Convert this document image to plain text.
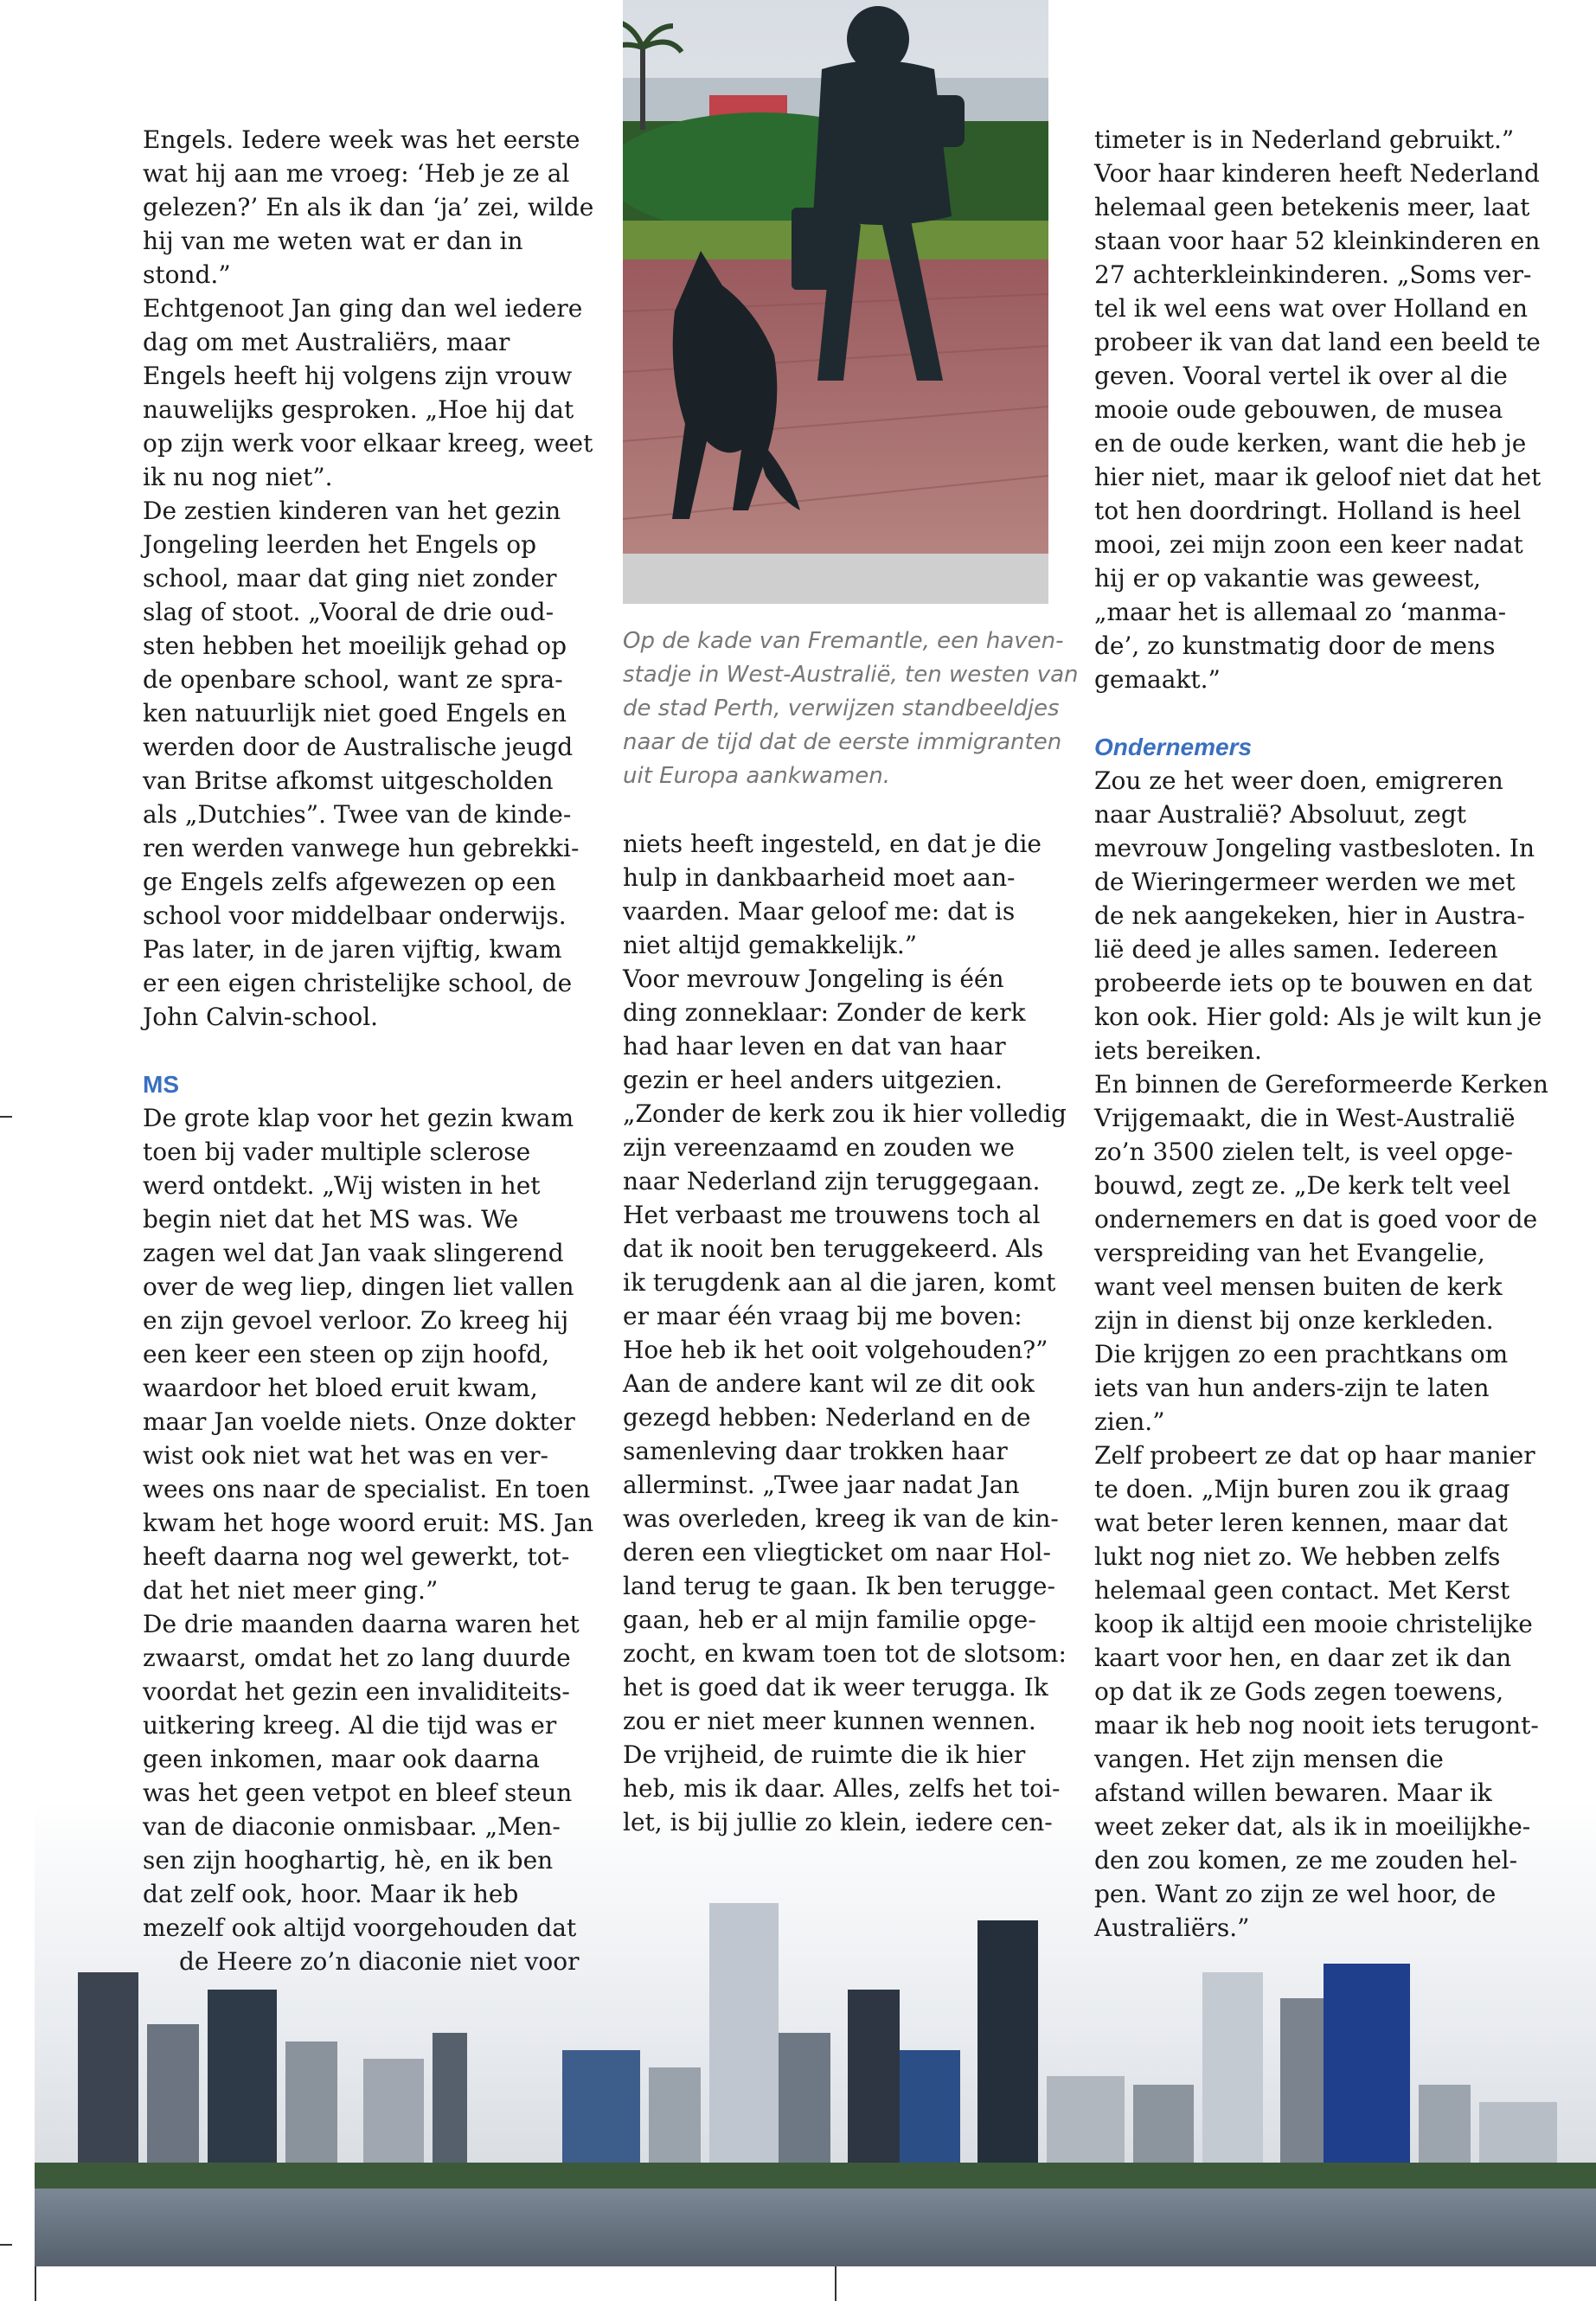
Op de kade van Fremantle, een haven-
stadje in West-Australië, ten westen van
de stad Perth, verwijzen standbeeldjes
naar de tijd dat de eerste immigranten
uit Europa aankwamen.
Engels. Iedere week was het eerste
wat hij aan me vroeg: ‘Heb je ze al
gelezen?’ En als ik dan ‘ja’ zei, wilde
hij van me weten wat er dan in
stond.”
Echtgenoot Jan ging dan wel iedere
dag om met Australiërs, maar
Engels heeft hij volgens zijn vrouw
nauwelijks gesproken. „Hoe hij dat
op zijn werk voor elkaar kreeg, weet
ik nu nog niet”.
De zestien kinderen van het gezin
Jongeling leerden het Engels op
school, maar dat ging niet zonder
slag of stoot. „Vooral de drie oud-
sten hebben het moeilijk gehad op
de openbare school, want ze spra-
ken natuurlijk niet goed Engels en
werden door de Australische jeugd
van Britse afkomst uitgescholden
als „Dutchies”. Twee van de kinde-
ren werden vanwege hun gebrekki-
ge Engels zelfs afgewezen op een
school voor middelbaar onderwijs.
Pas later, in de jaren vijftig, kwam
er een eigen christelijke school, de
John Calvin-school.
MS
De grote klap voor het gezin kwam
toen bij vader multiple sclerose
werd ontdekt. „Wij wisten in het
begin niet dat het MS was. We
zagen wel dat Jan vaak slingerend
over de weg liep, dingen liet vallen
en zijn gevoel verloor. Zo kreeg hij
een keer een steen op zijn hoofd,
waardoor het bloed eruit kwam,
maar Jan voelde niets. Onze dokter
wist ook niet wat het was en ver-
wees ons naar de specialist. En toen
kwam het hoge woord eruit: MS. Jan
heeft daarna nog wel gewerkt, tot-
dat het niet meer ging.”
De drie maanden daarna waren het
zwaarst, omdat het zo lang duurde
voordat het gezin een invaliditeits-
uitkering kreeg. Al die tijd was er
geen inkomen, maar ook daarna
was het geen vetpot en bleef steun
van de diaconie onmisbaar. „Men-
sen zijn hooghartig, hè, en ik ben
dat zelf ook, hoor. Maar ik heb
mezelf ook altijd voorgehouden dat
de Heere zo’n diaconie niet voor
niets heeft ingesteld, en dat je die
hulp in dankbaarheid moet aan-
vaarden. Maar geloof me: dat is
niet altijd gemakkelijk.”
Voor mevrouw Jongeling is één
ding zonneklaar: Zonder de kerk
had haar leven en dat van haar
gezin er heel anders uitgezien.
„Zonder de kerk zou ik hier volledig
zijn vereenzaamd en zouden we
naar Nederland zijn teruggegaan.
Het verbaast me trouwens toch al
dat ik nooit ben teruggekeerd. Als
ik terugdenk aan al die jaren, komt
er maar één vraag bij me boven:
Hoe heb ik het ooit volgehouden?”
Aan de andere kant wil ze dit ook
gezegd hebben: Nederland en de
samenleving daar trokken haar
allerminst. „Twee jaar nadat Jan
was overleden, kreeg ik van de kin-
deren een vliegticket om naar Hol-
land terug te gaan. Ik ben terugge-
gaan, heb er al mijn familie opge-
zocht, en kwam toen tot de slotsom:
het is goed dat ik weer terugga. Ik
zou er niet meer kunnen wennen.
De vrijheid, de ruimte die ik hier
heb, mis ik daar. Alles, zelfs het toi-
let, is bij jullie zo klein, iedere cen-
timeter is in Nederland gebruikt.”
Voor haar kinderen heeft Nederland
helemaal geen betekenis meer, laat
staan voor haar 52 kleinkinderen en
27 achterkleinkinderen. „Soms ver-
tel ik wel eens wat over Holland en
probeer ik van dat land een beeld te
geven. Vooral vertel ik over al die
mooie oude gebouwen, de musea
en de oude kerken, want die heb je
hier niet, maar ik geloof niet dat het
tot hen doordringt. Holland is heel
mooi, zei mijn zoon een keer nadat
hij er op vakantie was geweest,
„maar het is allemaal zo ‘manma-
de’, zo kunstmatig door de mens
gemaakt.”
Ondernemers
Zou ze het weer doen, emigreren
naar Australië? Absoluut, zegt
mevrouw Jongeling vastbesloten. In
de Wieringermeer werden we met
de nek aangekeken, hier in Austra-
lië deed je alles samen. Iedereen
probeerde iets op te bouwen en dat
kon ook. Hier gold: Als je wilt kun je
iets bereiken.
En binnen de Gereformeerde Kerken
Vrijgemaakt, die in West-Australië
zo’n 3500 zielen telt, is veel opge-
bouwd, zegt ze. „De kerk telt veel
ondernemers en dat is goed voor de
verspreiding van het Evangelie,
want veel mensen buiten de kerk
zijn in dienst bij onze kerkleden.
Die krijgen zo een prachtkans om
iets van hun anders-zijn te laten
zien.”
Zelf probeert ze dat op haar manier
te doen. „Mijn buren zou ik graag
wat beter leren kennen, maar dat
lukt nog niet zo. We hebben zelfs
helemaal geen contact. Met Kerst
koop ik altijd een mooie christelijke
kaart voor hen, en daar zet ik dan
op dat ik ze Gods zegen toewens,
maar ik heb nog nooit iets terugont-
vangen. Het zijn mensen die
afstand willen bewaren. Maar ik
weet zeker dat, als ik in moeilijkhe-
den zou komen, ze me zouden hel-
pen. Want zo zijn ze wel hoor, de
Australiërs.”
